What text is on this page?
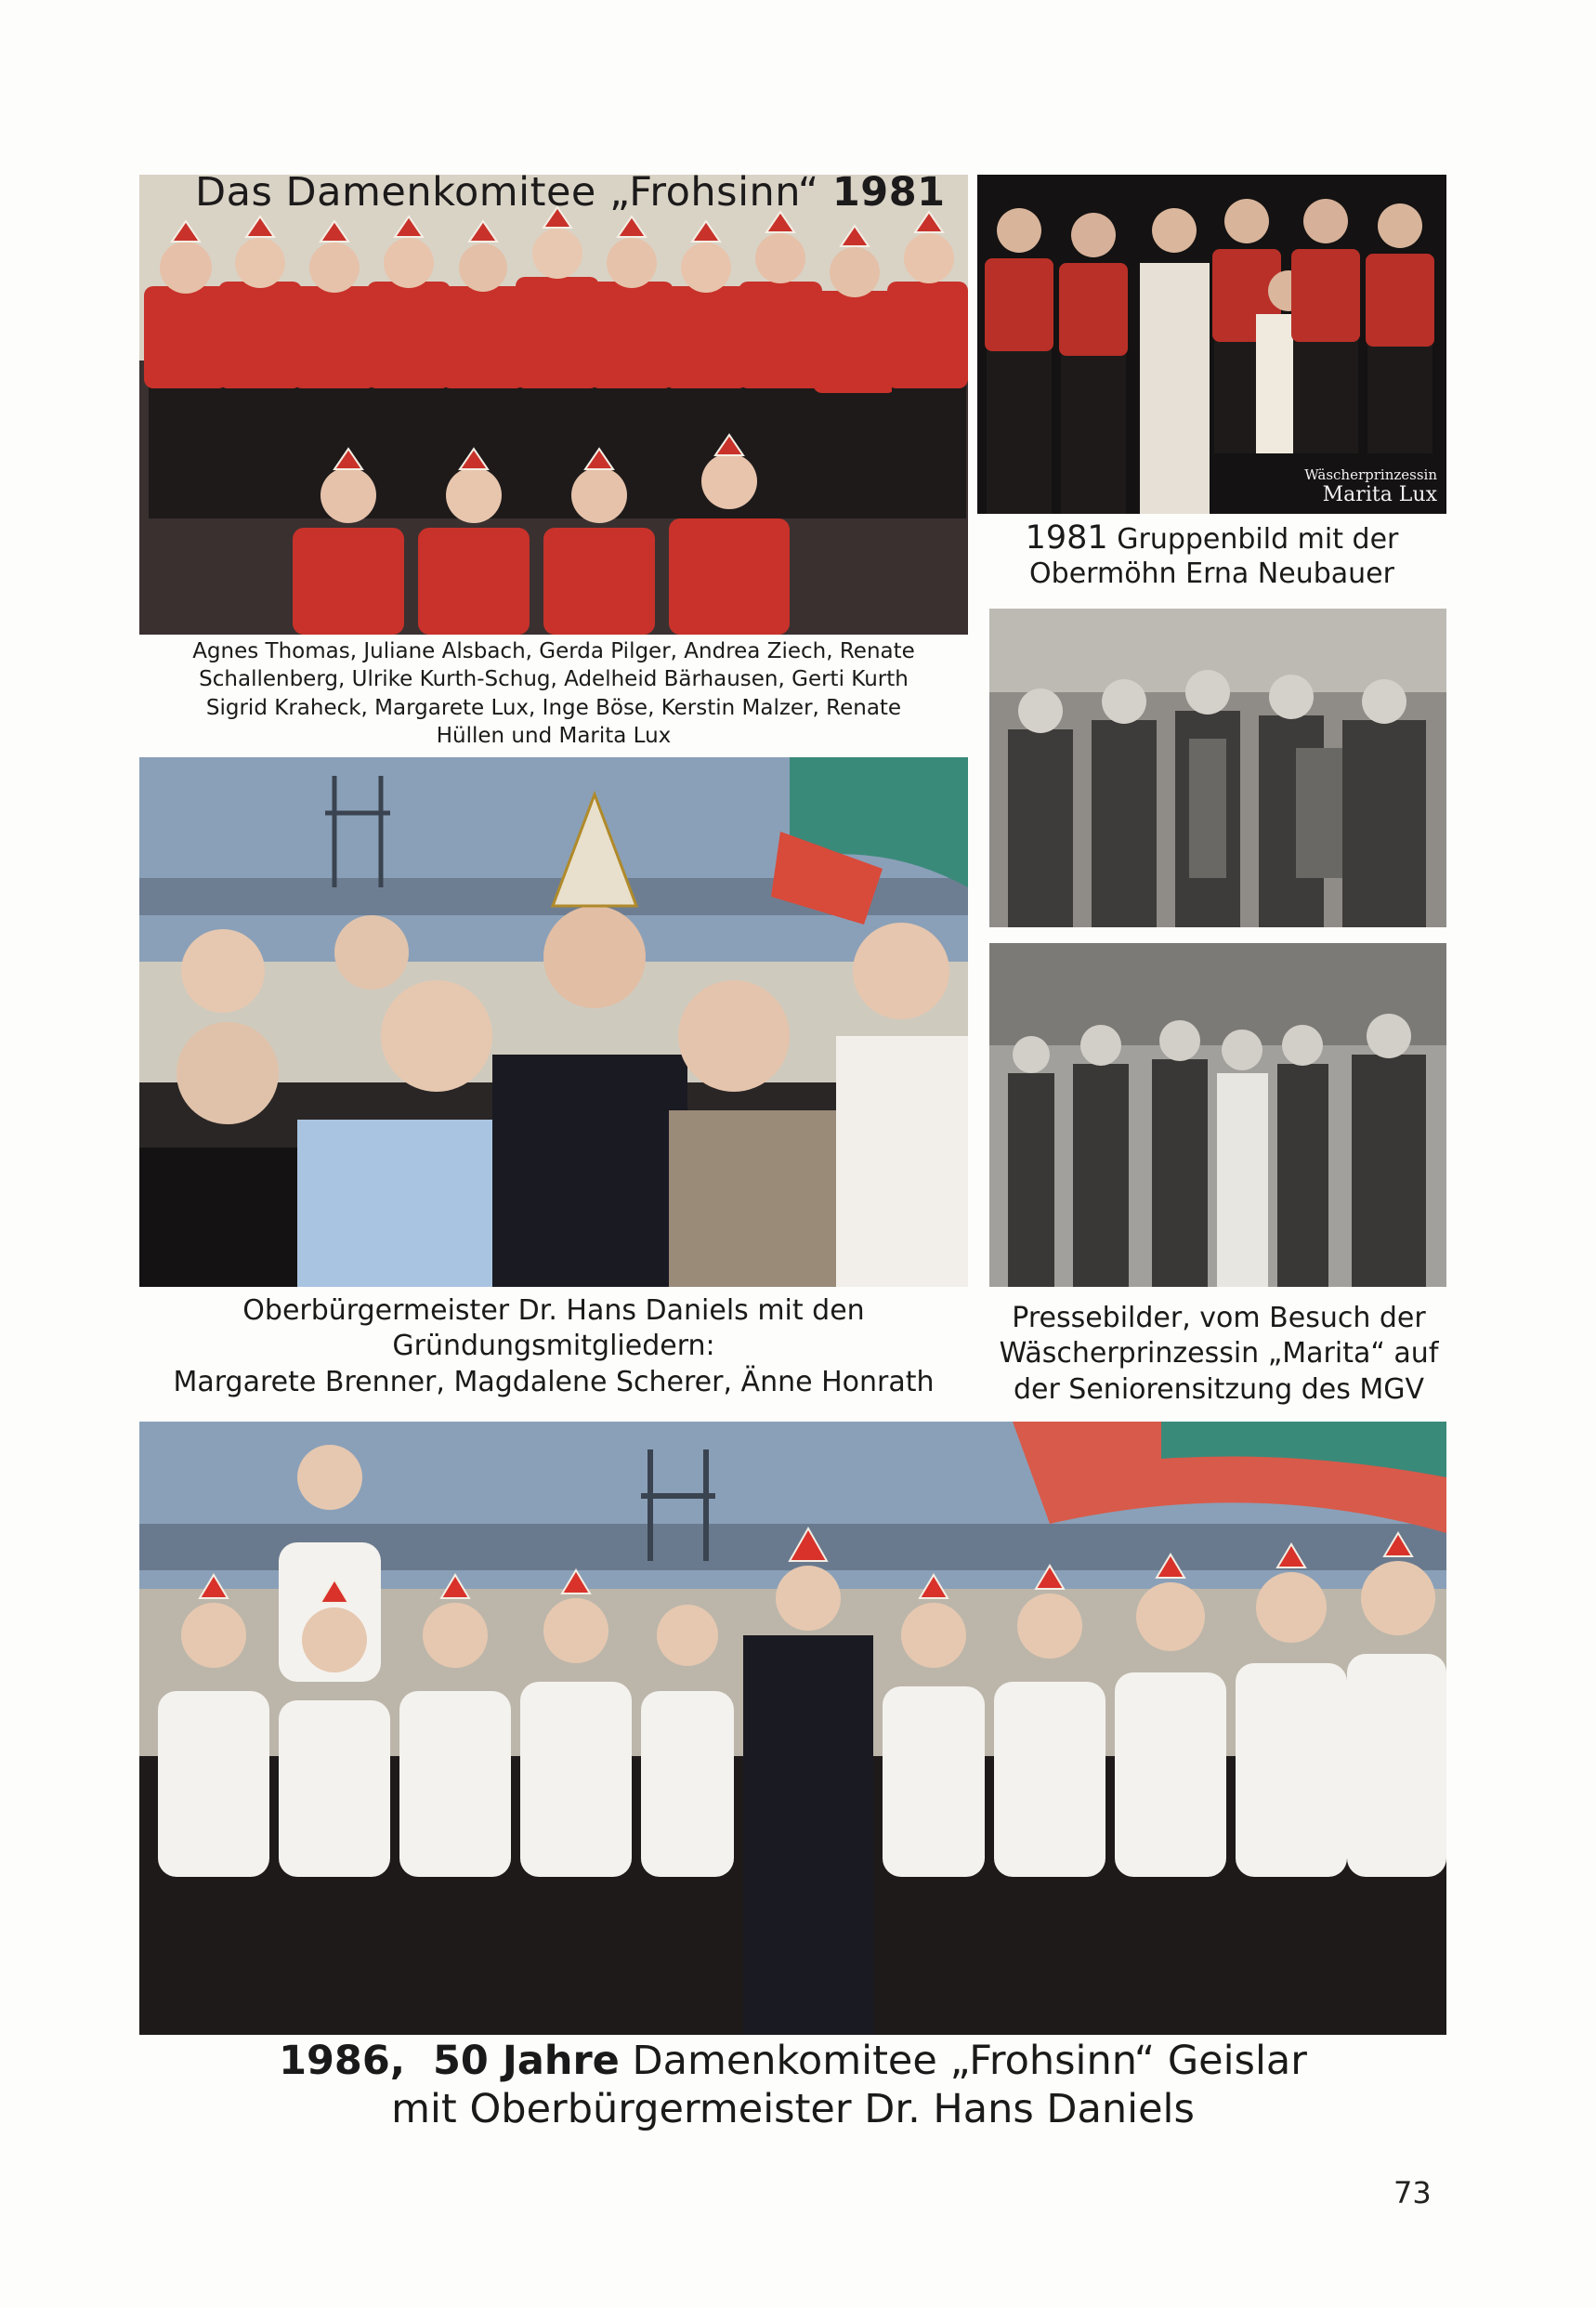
Das Damenkomitee „Frohsinn“ 1981
Agnes Thomas, Juliane Alsbach, Gerda Pilger, Andrea Ziech, Renate
Schallenberg, Ulrike Kurth-Schug, Adelheid Bärhausen, Gerti Kurth
Sigrid Kraheck, Margarete Lux, Inge Böse, Kerstin Malzer, Renate
Hüllen und Marita Lux
Wäscherprinzessin
Marita Lux
1981 Gruppenbild mit der
Obermöhn Erna Neubauer
Oberbürgermeister Dr. Hans Daniels mit den
Gründungsmitgliedern:
Margarete Brenner, Magdalene Scherer, Änne Honrath
Pressebilder, vom Besuch der
Wäscherprinzessin „Marita“ auf
der Seniorensitzung des MGV
1986,  50 Jahre Damenkomitee „Frohsinn“ Geislar
mit Oberbürgermeister Dr. Hans Daniels
73
